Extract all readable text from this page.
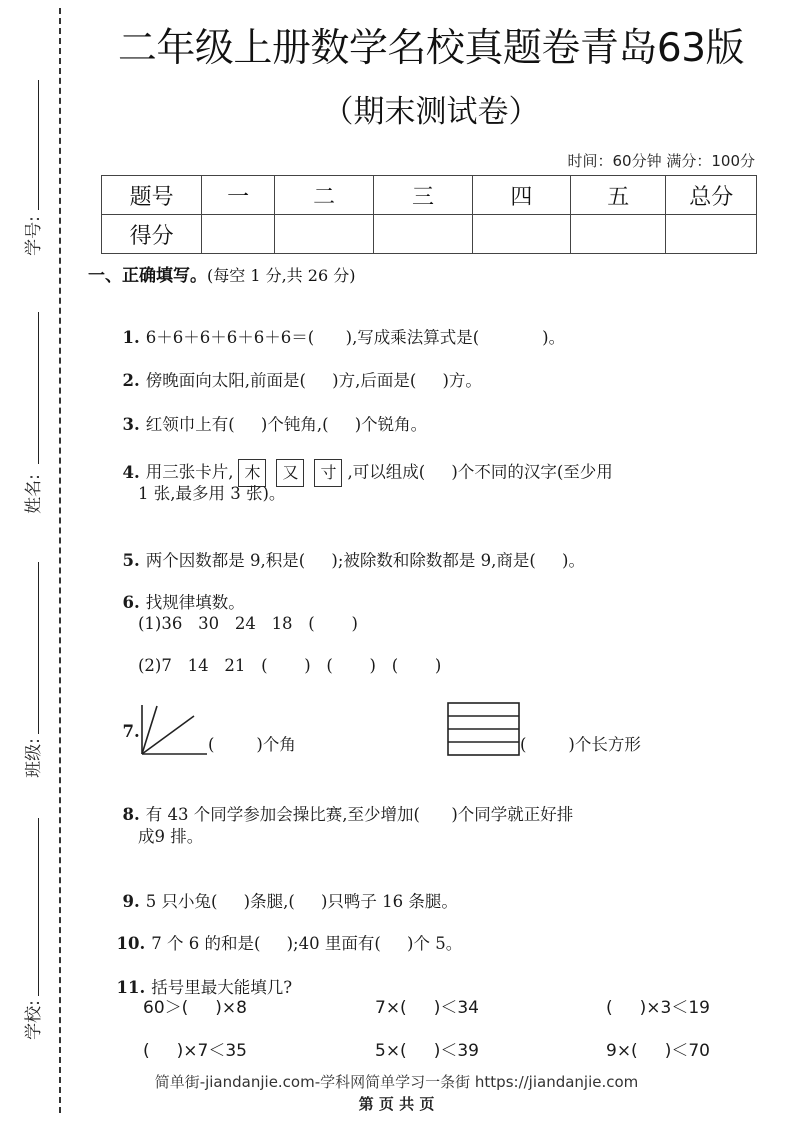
学号:
姓名:
班级:
学校:
二年级上册数学名校真题卷青岛63版
（期末测试卷）
时间：60分钟 满分：100分
题号	一	二	三	四	五	总分
得分						
一、正确填写。(每空 1 分,共 26 分)

1. 6＋6＋6＋6＋6＋6＝(      ),写成乘法算式是(            )。

2. 傍晚面向太阳,前面是(     )方,后面是(     )方。

3. 红领巾上有(     )个钝角,(     )个锐角。

4. 用三张卡片, 木 又 寸 ,可以组成(     )个不同的汉字(至少用

1 张,最多用 3 张)。

5. 两个因数都是 9,积是(     );被除数和除数都是 9,商是(     )。

6. 找规律填数。

(1)36   30   24   18   (       )
(2)7   14   21   (       )   (       )   (       )

7.

(        )个角	(        )个长方形

8. 有 43 个同学参加会操比赛,至少增加(      )个同学就正好排

成9 排。

9. 5 只小兔(     )条腿,(     )只鸭子 16 条腿。

10. 7 个 6 的和是(     );40 里面有(     )个 5。

11. 括号里最大能填几?

60＞(     )×8	7×(     )＜34	(     )×3＜19
(     )×7＜35	5×(     )＜39	9×(     )＜70
简单街-jiandanjie.com-学科网简单学习一条街 https://jiandanjie.com
第 页 共 页
